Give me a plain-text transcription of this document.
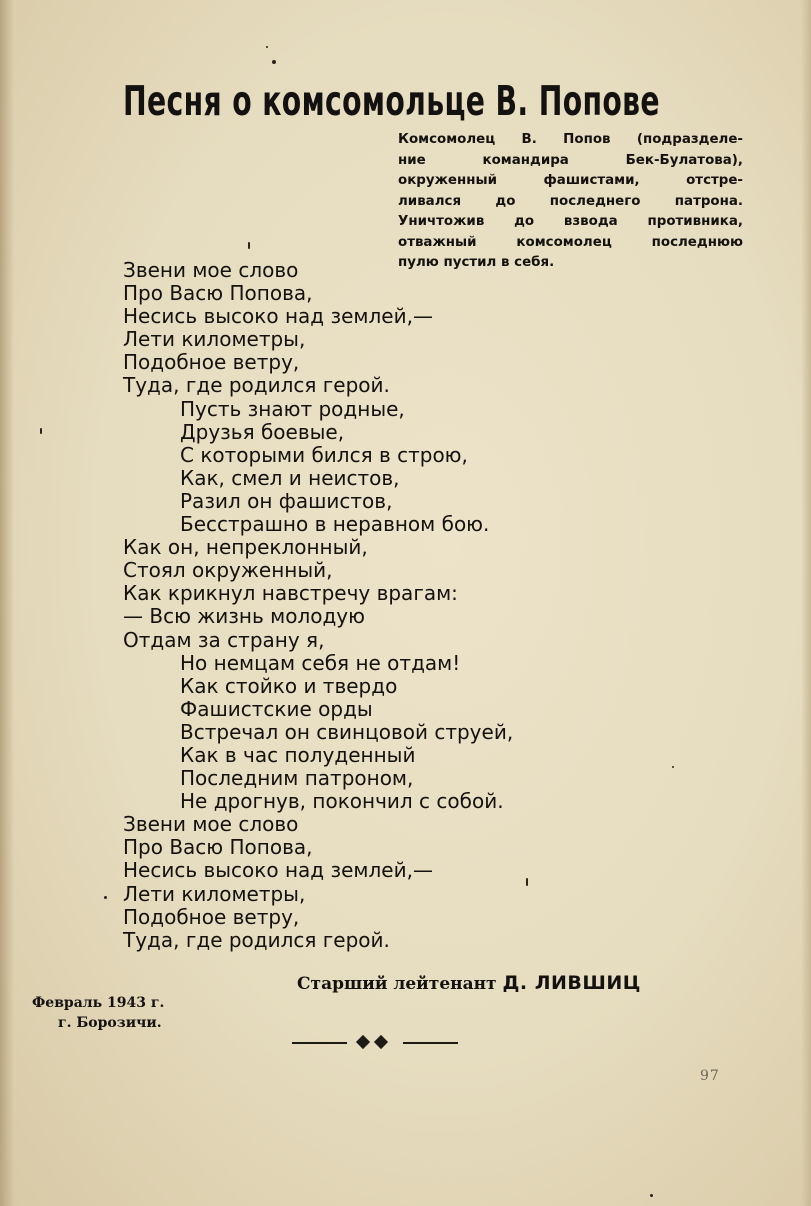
Песня о комсомольце В. Попове
Комсомолец В. Попов (подразделе-
ние командира Бек-Булатова),
окруженный фашистами, отстре-
ливался до последнего патрона.
Уничтожив до взвода противника,
отважный комсомолец последнюю
пулю пустил в себя.
Звени мое слово
Про Васю Попова,
Несись высоко над землей,—
Лети километры,
Подобное ветру,
Туда, где родился герой.
Пусть знают родные,
Друзья боевые,
С которыми бился в строю,
Как, смел и неистов,
Разил он фашистов,
Бесстрашно в неравном бою.
Как он, непреклонный,
Стоял окруженный,
Как крикнул навстречу врагам:
— Всю жизнь молодую
Отдам за страну я,
Но немцам себя не отдам!
Как стойко и твердо
Фашистские орды
Встречал он свинцовой струей,
Как в час полуденный
Последним патроном,
Не дрогнув, покончил с собой.
Звени мое слово
Про Васю Попова,
Несись высоко над землей,—
Лети километры,
Подобное ветру,
Туда, где родился герой.
Старший лейтенант Д. ЛИВШИЦ
Февраль 1943 г.
г. Борозичи.
97
